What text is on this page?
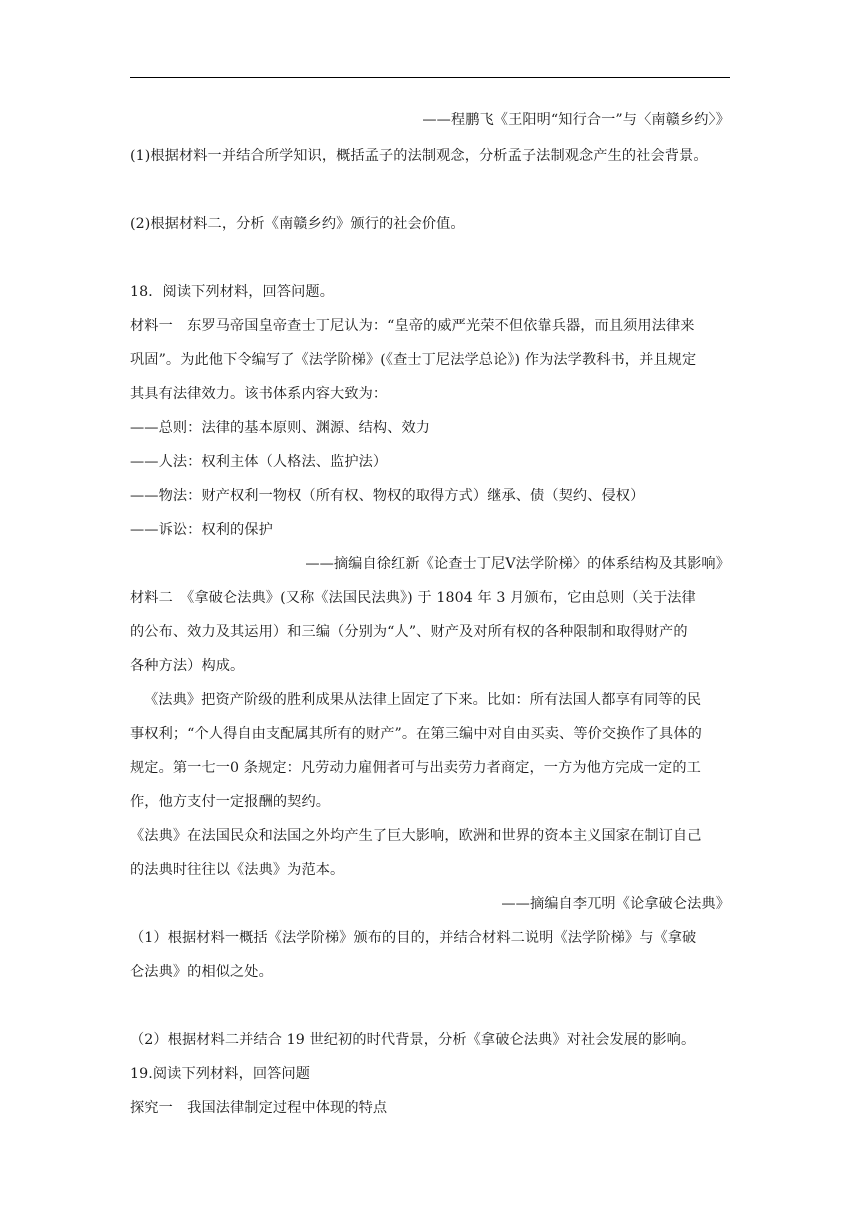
——程鹏飞《王阳明“知行合一”与〈南赣乡约〉》
(1)根据材料一并结合所学知识，概括孟子的法制观念，分析孟子法制观念产生的社会背景。
(2)根据材料二，分析《南赣乡约》颁行的社会价值。
18．阅读下列材料，回答问题。
材料一　东罗马帝国皇帝查士丁尼认为：“皇帝的威严光荣不但依靠兵器，而且须用法律来
巩固”。为此他下令编写了《法学阶梯》(《查士丁尼法学总论》) 作为法学教科书，并且规定
其具有法律效力。该书体系内容大致为：
——总则：法律的基本原则、渊源、结构、效力
——人法：权利主体（人格法、监护法）
——物法：财产权利一物权（所有权、物权的取得方式）继承、债（契约、侵权）
——诉讼：权利的保护
——摘编自徐红新《论查士丁尼Ⅴ法学阶梯〉的体系结构及其影响》
材料二　《拿破仑法典》(又称《法国民法典》) 于 1804 年 3 月颁布，它由总则（关于法律
的公布、效力及其运用）和三编（分别为“人”、财产及对所有权的各种限制和取得财产的
各种方法）构成。
《法典》把资产阶级的胜利成果从法律上固定了下来。比如：所有法国人都享有同等的民
事权利；“个人得自由支配属其所有的财产”。在第三编中对自由买卖、等价交换作了具体的
规定。第一七一0 条规定：凡劳动力雇佣者可与出卖劳力者商定，一方为他方完成一定的工
作，他方支付一定报酬的契约。
《法典》在法国民众和法国之外均产生了巨大影响，欧洲和世界的资本主义国家在制订自己
的法典时往往以《法典》为范本。
——摘编自李兀明《论拿破仑法典》
（1）根据材料一概括《法学阶梯》颁布的目的，并结合材料二说明《法学阶梯》与《拿破
仑法典》的相似之处。
（2）根据材料二并结合 19 世纪初的时代背景，分析《拿破仑法典》对社会发展的影响。
19.阅读下列材料，回答问题
探究一　我国法律制定过程中体现的特点
